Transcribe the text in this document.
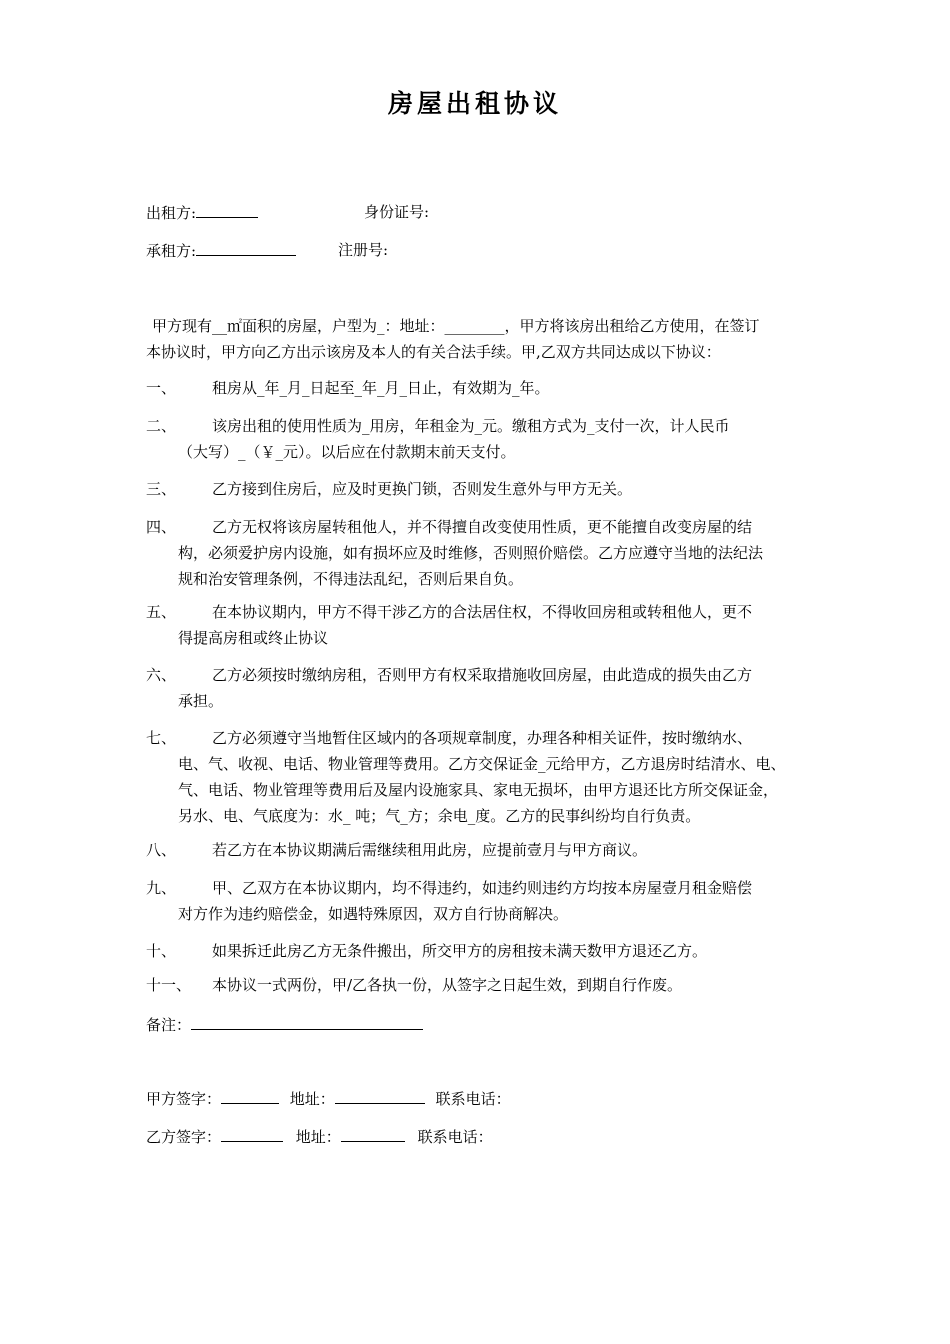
房屋出租协议
出租方:	身份证号:
承租方:	注册号:
甲方现有__㎡面积的房屋，户型为_：地址：________，甲方将该房出租给乙方使用，在签订
本协议时，甲方向乙方出示该房及本人的有关合法手续。甲,乙双方共同达成以下协议：
一、	租房从_年_月_日起至_年_月_日止，有效期为_年。
二、	该房出租的使用性质为_用房，年租金为_元。缴租方式为_支付一次，计人民币
（大写）_（￥_元）。以后应在付款期末前天支付。
三、	乙方接到住房后，应及时更换门锁，否则发生意外与甲方无关。
四、	乙方无权将该房屋转租他人，并不得擅自改变使用性质，更不能擅自改变房屋的结
构，必须爱护房内设施，如有损坏应及时维修，否则照价赔偿。乙方应遵守当地的法纪法
规和治安管理条例，不得违法乱纪，否则后果自负。
五、	在本协议期内，甲方不得干涉乙方的合法居住权，不得收回房租或转租他人，更不
得提高房租或终止协议
六、	乙方必须按时缴纳房租，否则甲方有权采取措施收回房屋，由此造成的损失由乙方
承担。
七、	乙方必须遵守当地暂住区域内的各项规章制度，办理各种相关证件，按时缴纳水、
电、气、收视、电话、物业管理等费用。乙方交保证金_元给甲方，乙方退房时结清水、电、
气、电话、物业管理等费用后及屋内设施家具、家电无损坏，由甲方退还比方所交保证金，
另水、电、气底度为：水_ 吨；气_方；余电_度。乙方的民事纠纷均自行负责。
八、	若乙方在本协议期满后需继续租用此房，应提前壹月与甲方商议。
九、	甲、乙双方在本协议期内，均不得违约，如违约则违约方均按本房屋壹月租金赔偿
对方作为违约赔偿金，如遇特殊原因，双方自行协商解决。
十、	如果拆迁此房乙方无条件搬出，所交甲方的房租按未满天数甲方退还乙方。
十一、	本协议一式两份，甲/乙各执一份，从签字之日起生效，到期自行作废。
备注：
甲方签字：	地址：	联系电话：
乙方签字：	地址：	联系电话：
